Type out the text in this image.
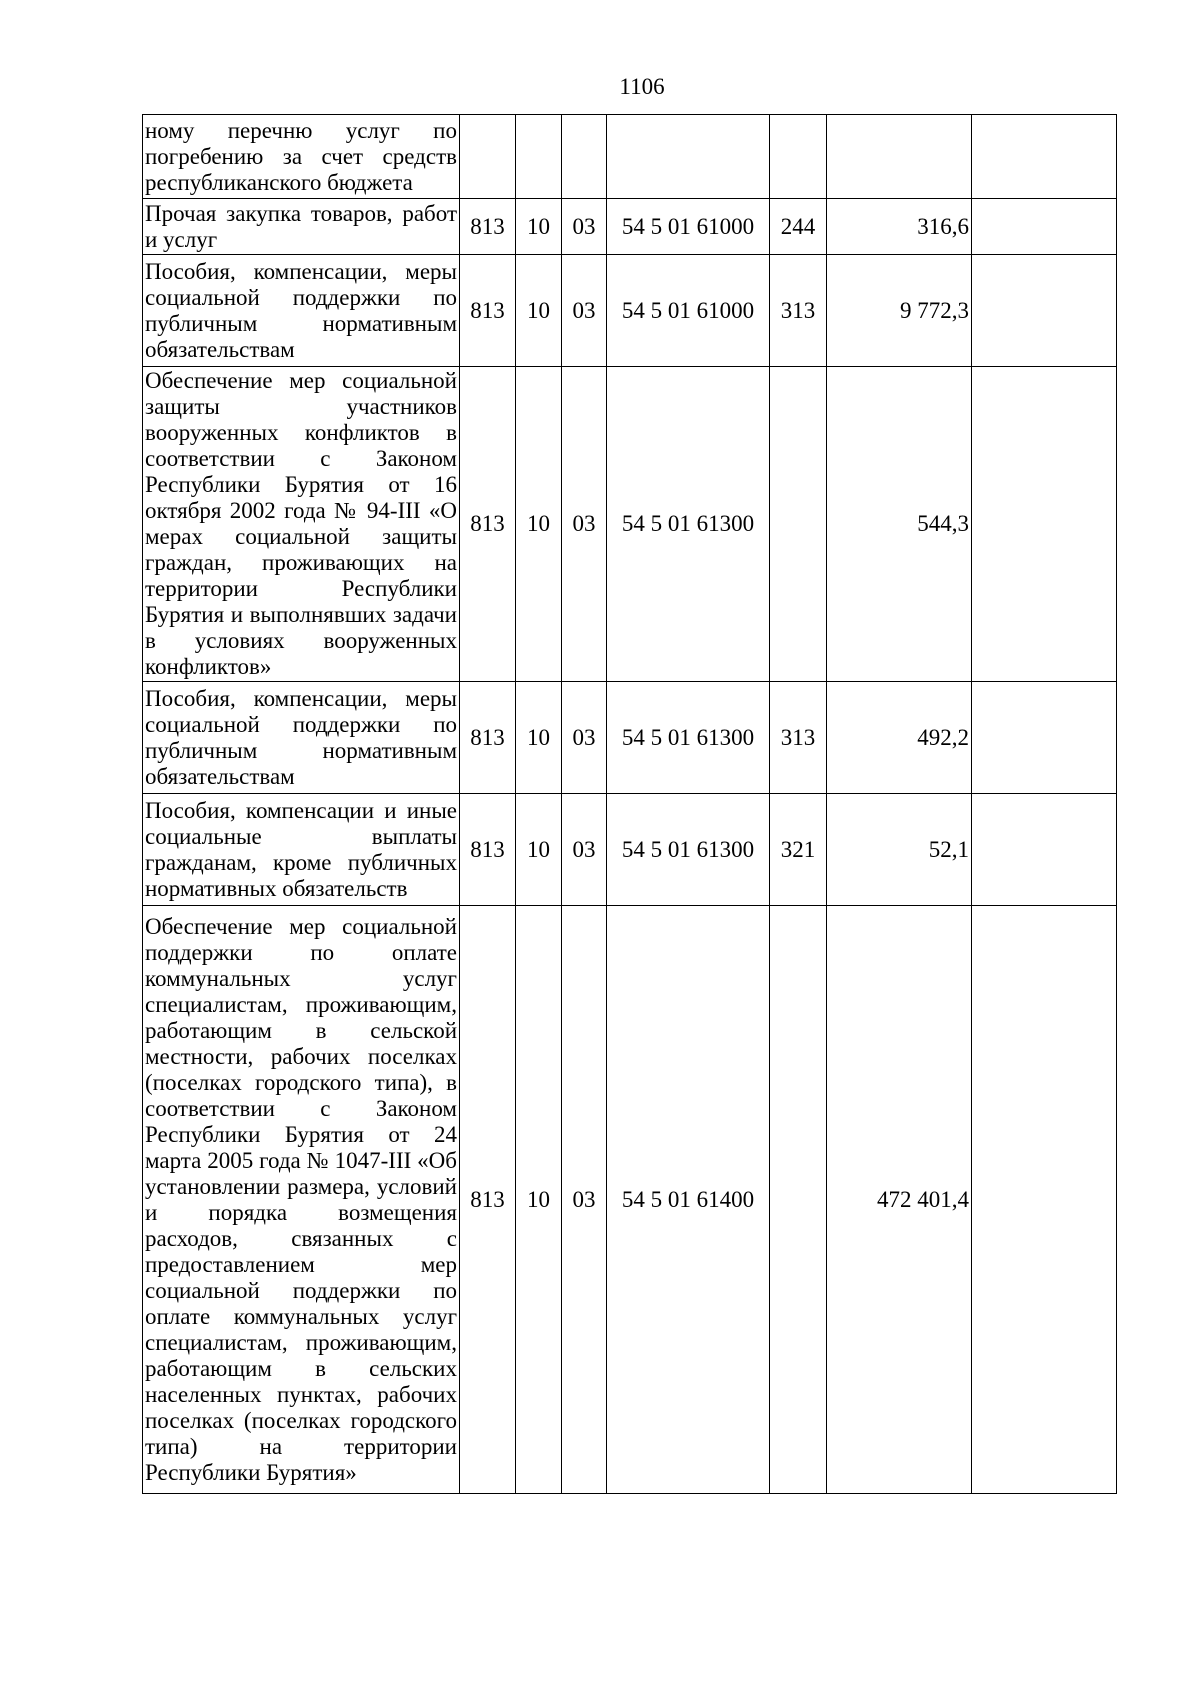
1106
ному перечню услуг по погребению за счет средств республиканского бюджета							
Прочая закупка товаров, работ и услуг	813	10	03	54 5 01 61000	244	316,6	
Пособия, компенсации, меры социальной поддержки по публичным нормативным обязательствам	813	10	03	54 5 01 61000	313	9 772,3	
Обеспечение мер социальной защиты участников вооруженных конфликтов в соответствии с Законом Республики Бурятия от 16 октября 2002 года № 94-III «О мерах социальной защиты граждан, проживающих на территории Республики Бурятия и выполнявших задачи в условиях вооруженных конфликтов»	813	10	03	54 5 01 61300		544,3	
Пособия, компенсации, меры социальной поддержки по публичным нормативным обязательствам	813	10	03	54 5 01 61300	313	492,2	
Пособия, компенсации и иные социальные выплаты гражданам, кроме публичных нормативных обязательств	813	10	03	54 5 01 61300	321	52,1	
Обеспечение мер социальной поддержки по оплате коммунальных услуг специалистам, проживающим, работающим в сельской местности, рабочих поселках (поселках городского типа), в соответствии с Законом Республики Бурятия от 24 марта 2005 года № 1047-III «Об установлении размера, условий и порядка возмещения расходов, связанных с предоставлением мер социальной поддержки по оплате коммунальных услуг специалистам, проживающим, работающим в сельских населенных пунктах, рабочих поселках (поселках городского типа) на территории Республики Бурятия»	813	10	03	54 5 01 61400		472 401,4	
